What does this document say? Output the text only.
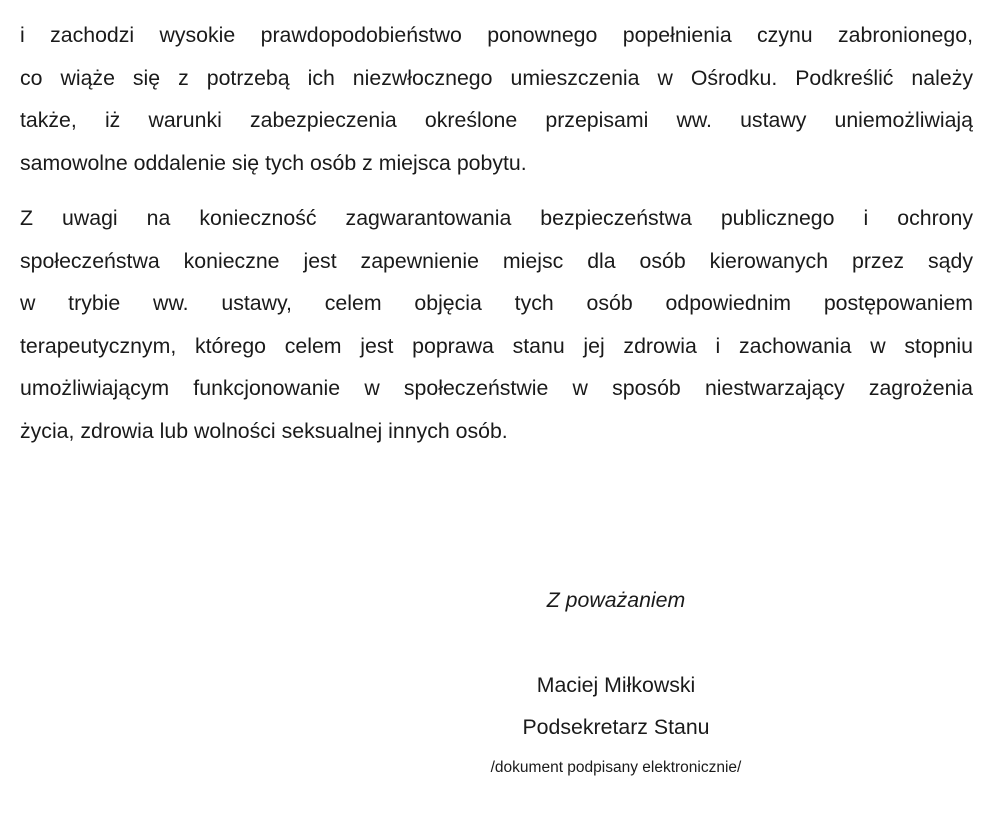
i zachodzi wysokie prawdopodobieństwo ponownego popełnienia czynu zabronionego,
co wiąże się z potrzebą ich niezwłocznego umieszczenia w Ośrodku. Podkreślić należy
także, iż warunki zabezpieczenia określone przepisami ww. ustawy uniemożliwiają
samowolne oddalenie się tych osób z miejsca pobytu.
Z uwagi na konieczność zagwarantowania bezpieczeństwa publicznego i ochrony
społeczeństwa konieczne jest zapewnienie miejsc dla osób kierowanych przez sądy
w trybie ww. ustawy, celem objęcia tych osób odpowiednim postępowaniem
terapeutycznym, którego celem jest poprawa stanu jej zdrowia i zachowania w stopniu
umożliwiającym funkcjonowanie w społeczeństwie w sposób niestwarzający zagrożenia
życia, zdrowia lub wolności seksualnej innych osób.
Z poważaniem
Maciej Miłkowski
Podsekretarz Stanu
/dokument podpisany elektronicznie/
